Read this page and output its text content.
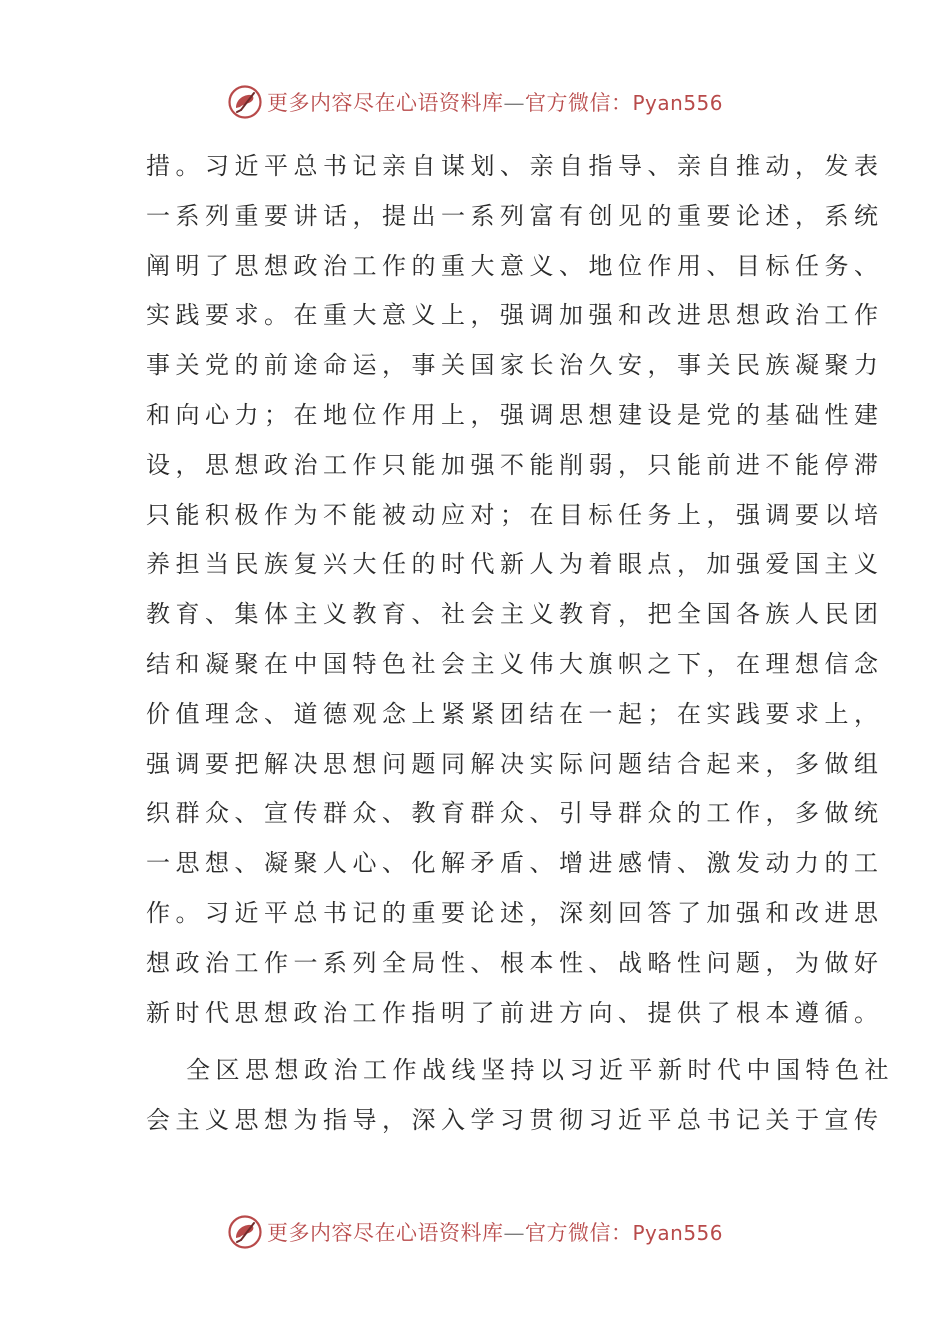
更多内容尽在心语资料库—官方微信：Pyan556
措。习近平总书记亲自谋划、亲自指导、亲自推动，发表
一系列重要讲话，提出一系列富有创见的重要论述，系统
阐明了思想政治工作的重大意义、地位作用、目标任务、
实践要求。在重大意义上，强调加强和改进思想政治工作
事关党的前途命运，事关国家长治久安，事关民族凝聚力
和向心力；在地位作用上，强调思想建设是党的基础性建
设，思想政治工作只能加强不能削弱，只能前进不能停滞
只能积极作为不能被动应对；在目标任务上，强调要以培
养担当民族复兴大任的时代新人为着眼点，加强爱国主义
教育、集体主义教育、社会主义教育，把全国各族人民团
结和凝聚在中国特色社会主义伟大旗帜之下，在理想信念
价值理念、道德观念上紧紧团结在一起；在实践要求上，
强调要把解决思想问题同解决实际问题结合起来，多做组
织群众、宣传群众、教育群众、引导群众的工作，多做统
一思想、凝聚人心、化解矛盾、增进感情、激发动力的工
作。习近平总书记的重要论述，深刻回答了加强和改进思
想政治工作一系列全局性、根本性、战略性问题，为做好
新时代思想政治工作指明了前进方向、提供了根本遵循。
全区思想政治工作战线坚持以习近平新时代中国特色社
会主义思想为指导，深入学习贯彻习近平总书记关于宣传
更多内容尽在心语资料库—官方微信：Pyan556
